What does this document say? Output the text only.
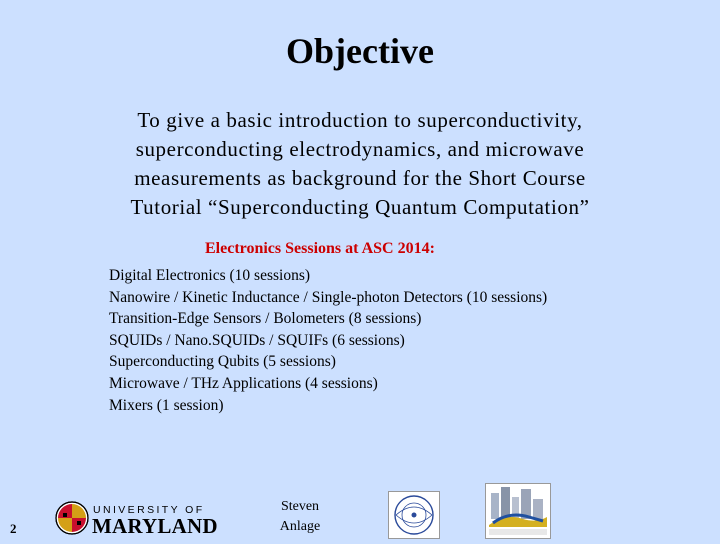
Objective
To give a basic introduction to superconductivity,
superconducting electrodynamics, and microwave
measurements as background for the Short Course
Tutorial “Superconducting Quantum Computation”
Electronics Sessions at ASC 2014:
Digital Electronics (10 sessions)
Nanowire / Kinetic Inductance / Single-photon Detectors (10 sessions)
Transition-Edge Sensors / Bolometers (8 sessions)
SQUIDs / Nano.SQUIDs / SQUIFs (6 sessions)
Superconducting Qubits (5 sessions)
Microwave / THz Applications (4 sessions)
Mixers (1 session)
2
UNIVERSITY OF
MARYLAND
Steven
Anlage
